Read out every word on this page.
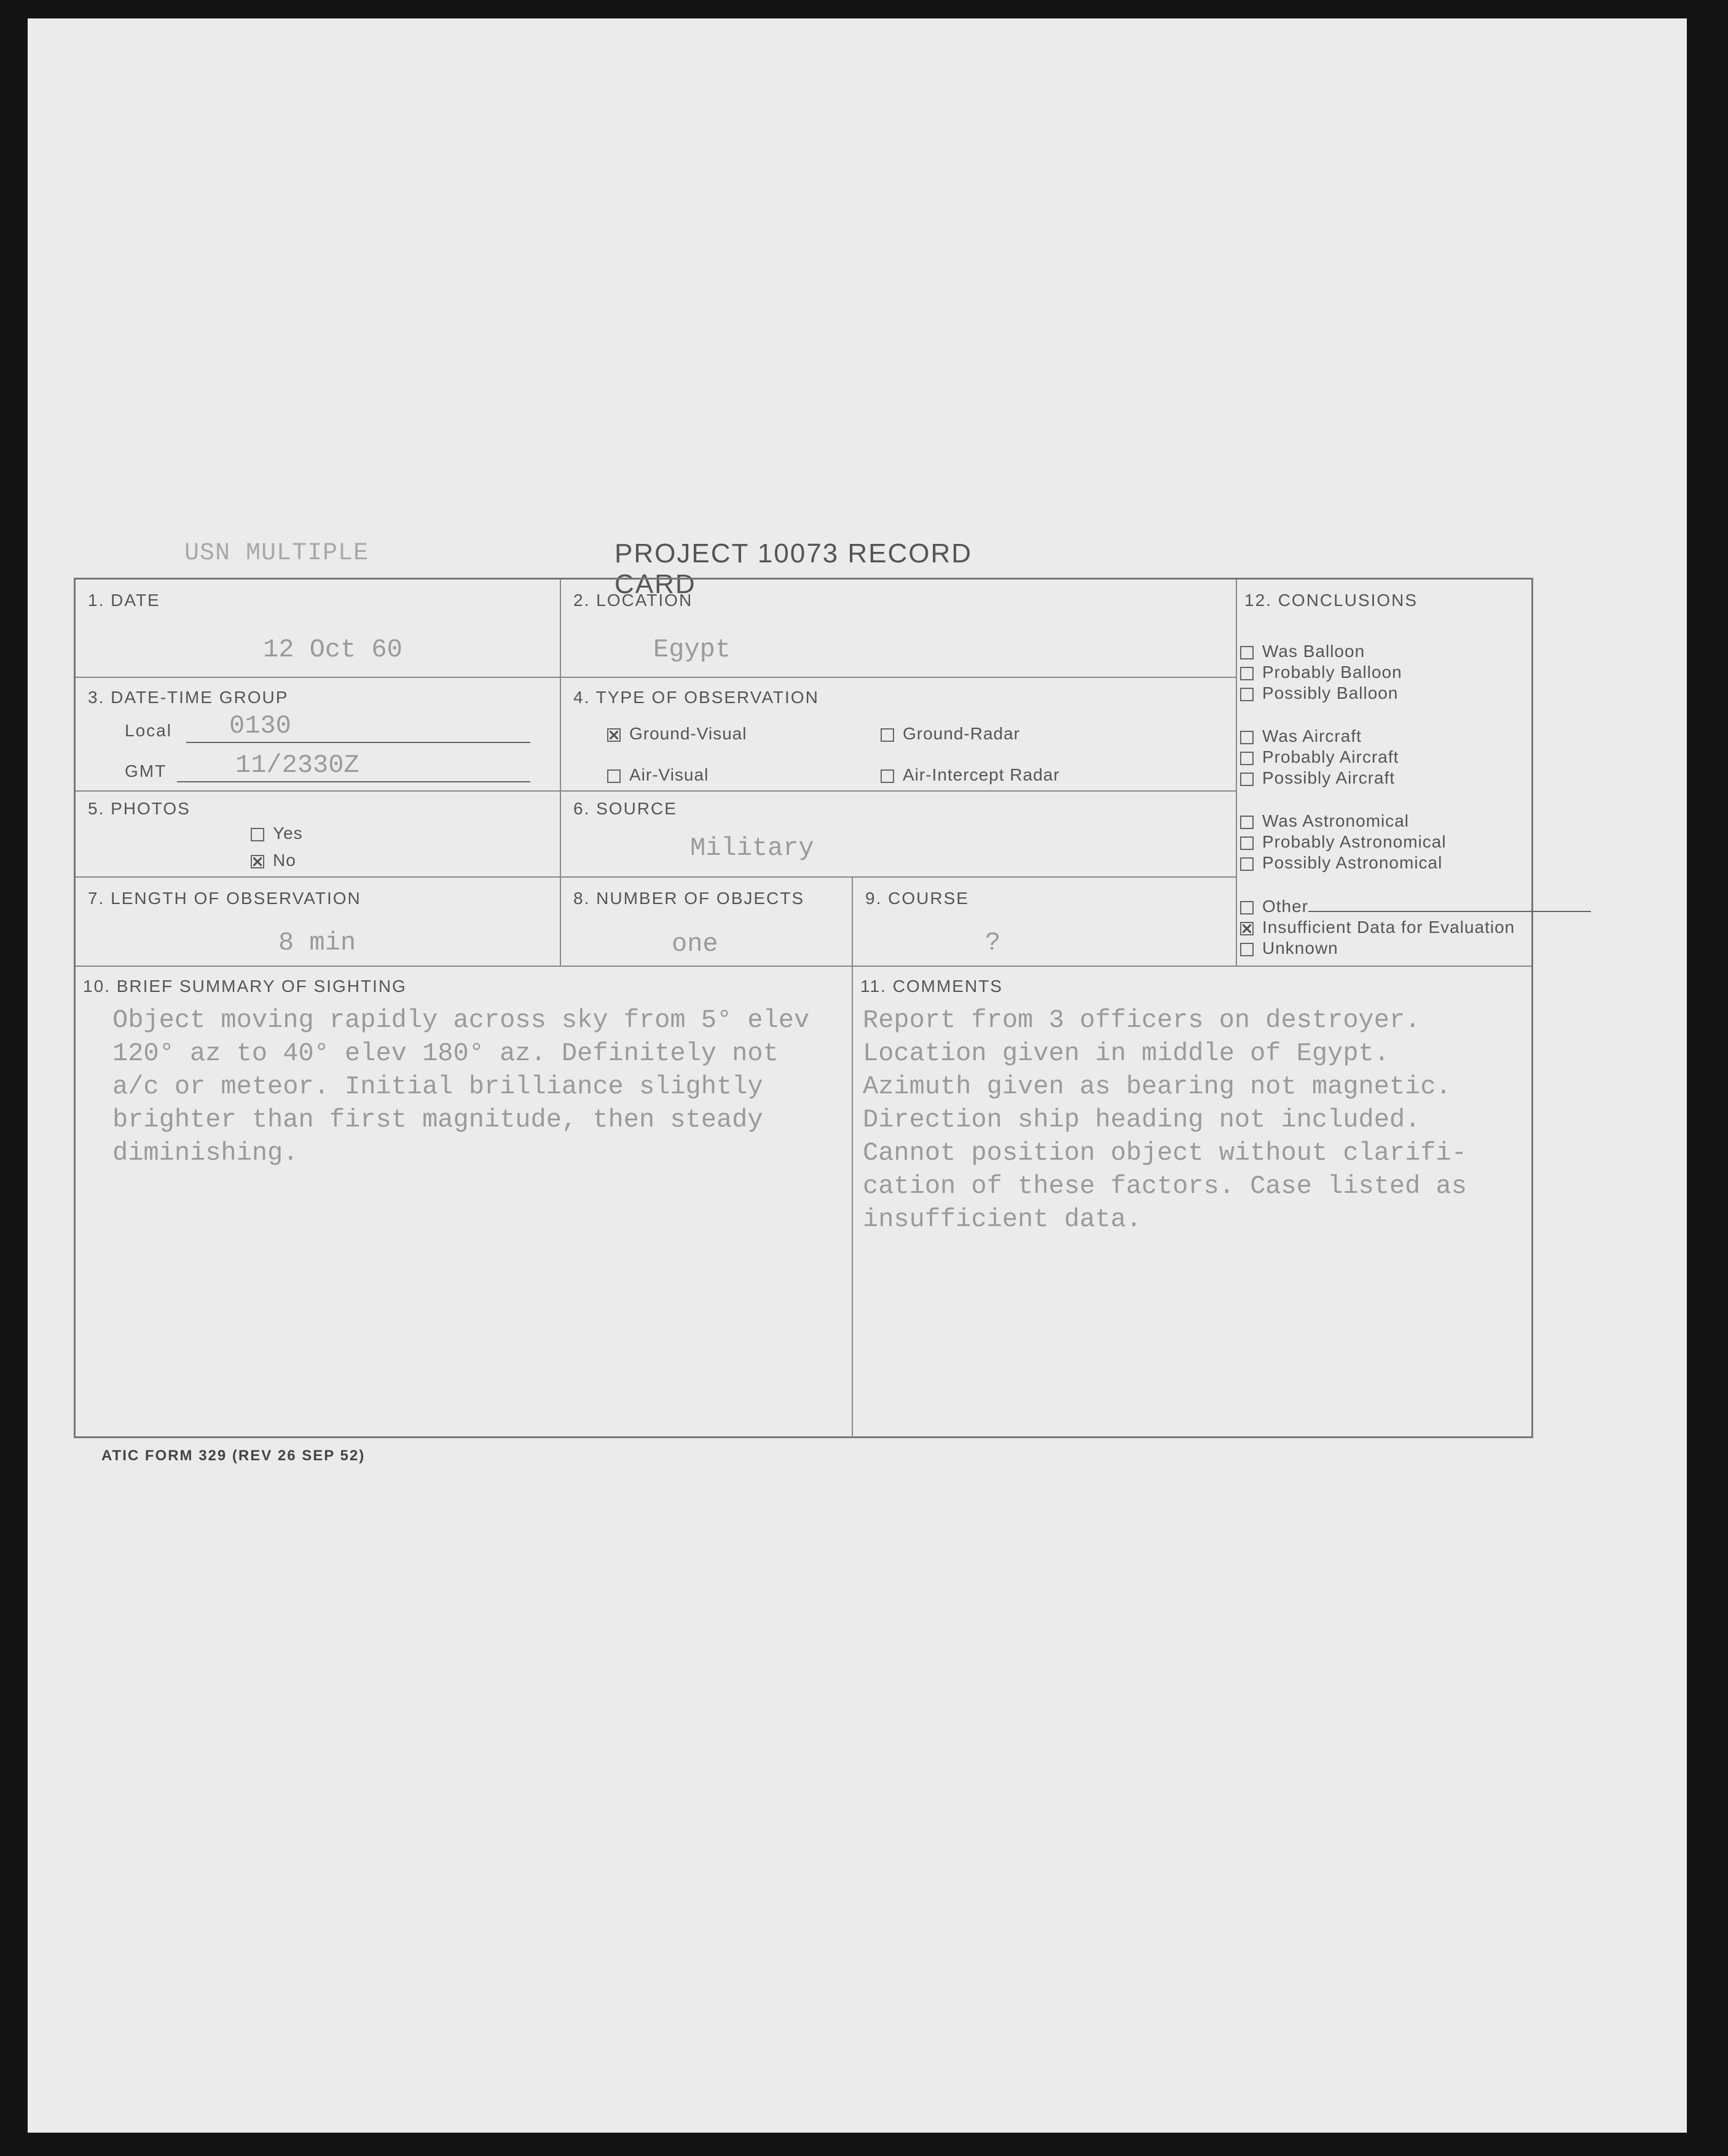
USN MULTIPLE	PROJECT 10073 RECORD CARD
1. DATE
12 Oct 60
2. LOCATION
Egypt
3. DATE-TIME GROUP
Local 0130
GMT	11/2330Z
4. TYPE OF OBSERVATION
Ground-Visual	Ground-Radar
Air-Visual	Air-Intercept Radar
5. PHOTOS
Yes
No
6. SOURCE
Military
7. LENGTH OF OBSERVATION
8 min
8. NUMBER OF OBJECTS
one
9. COURSE
?
12. CONCLUSIONS
Was Balloon
Probably Balloon
Possibly Balloon
Was Aircraft
Probably Aircraft
Possibly Aircraft
Was Astronomical
Probably Astronomical
Possibly Astronomical
Other
Insufficient Data for Evaluation
Unknown
10. BRIEF SUMMARY OF SIGHTING
Object moving rapidly across sky from 5° elev
120° az to 40° elev 180° az. Definitely not
a/c or meteor. Initial brilliance slightly
brighter than first magnitude, then steady
diminishing.
11. COMMENTS
Report from 3 officers on destroyer.
Location given in middle of Egypt.
Azimuth given as bearing not magnetic.
Direction ship heading not included.
Cannot position object without clarifi-
cation of these factors. Case listed as
insufficient data.
ATIC FORM 329 (REV 26 SEP 52)
